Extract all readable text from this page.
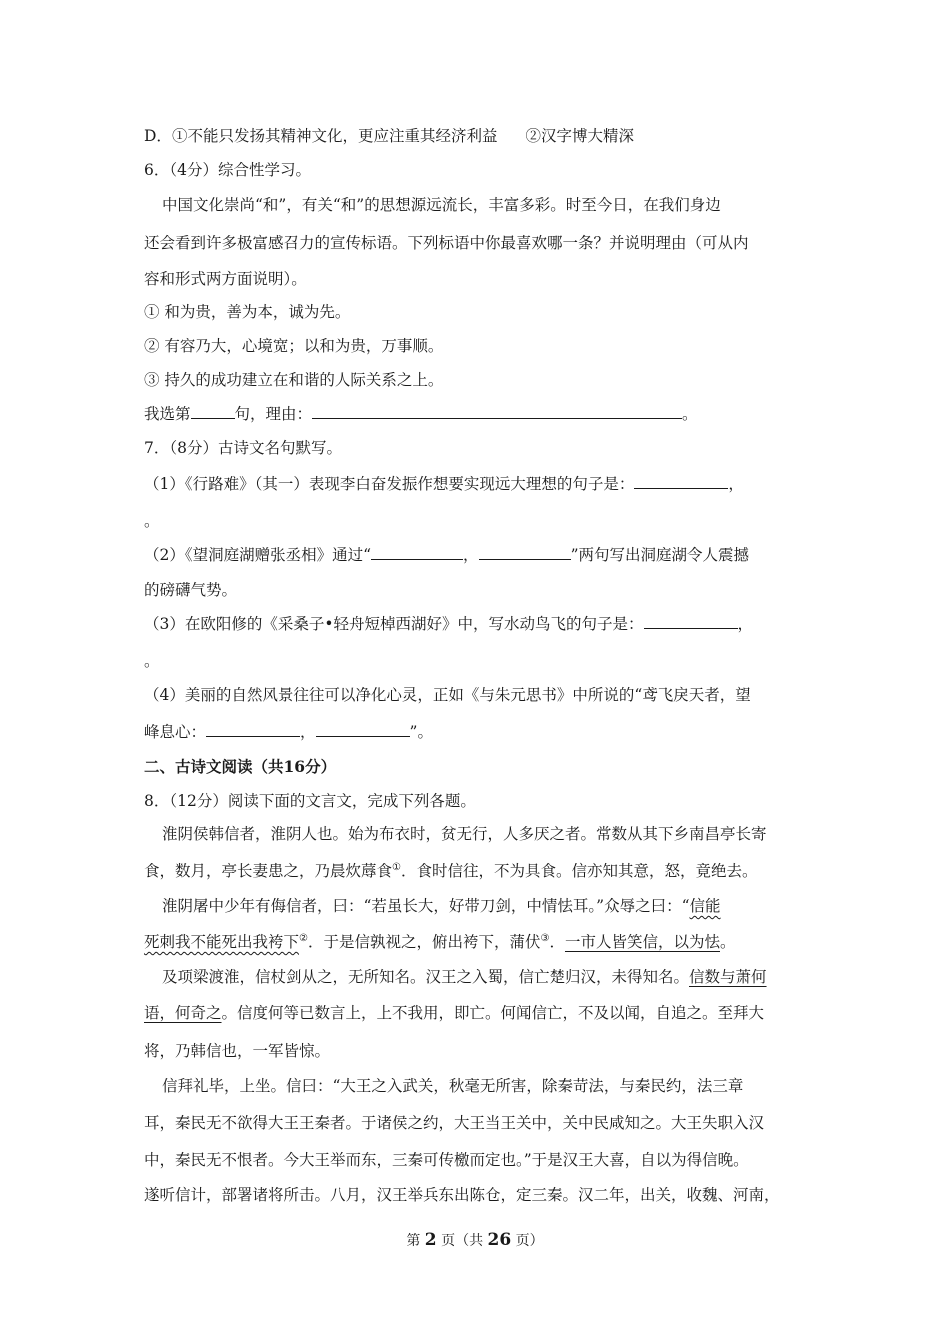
D．①不能只发扬其精神文化，更应注重其经济利益 ②汉字博大精深
6．（4分）综合性学习。
中国文化崇尚“和”，有关“和”的思想源远流长，丰富多彩。时至今日，在我们身边
还会看到许多极富感召力的宣传标语。下列标语中你最喜欢哪一条？并说明理由（可从内
容和形式两方面说明）。
① 和为贵，善为本，诚为先。
② 有容乃大，心境宽；以和为贵，万事顺。
③ 持久的成功建立在和谐的人际关系之上。
我选第	句，理由：	。
7．（8分）古诗文名句默写。
（1）《行路难》（其一）表现李白奋发振作想要实现远大理想的句子是：	，
。
（2）《望洞庭湖赠张丞相》通过“	，	”两句写出洞庭湖令人震撼
的磅礴气势。
（3）在欧阳修的《采桑子•轻舟短棹西湖好》中，写水动鸟飞的句子是：	，
。
（4）美丽的自然风景往往可以净化心灵，正如《与朱元思书》中所说的“鸢飞戾天者，望
峰息心：	，	”。
二、古诗文阅读（共16分）
8．（12分）阅读下面的文言文，完成下列各题。
淮阴侯韩信者，淮阴人也。始为布衣时，贫无行，人多厌之者。常数从其下乡南昌亭长寄
食，数月，亭长妻患之，乃晨炊蓐食①．食时信往，不为具食。信亦知其意，怒，竟绝去。
淮阴屠中少年有侮信者，曰：“若虽长大，好带刀剑，中情怯耳。”众辱之曰：“信能
死刺我不能死出我袴下②．于是信孰视之，俯出袴下，蒲伏③．一市人皆笑信，以为怯。
及项梁渡淮，信杖剑从之，无所知名。汉王之入蜀，信亡楚归汉，未得知名。信数与萧何
语，何奇之。信度何等已数言上，上不我用，即亡。何闻信亡，不及以闻，自追之。至拜大
将，乃韩信也，一军皆惊。
信拜礼毕，上坐。信曰：“大王之入武关，秋毫无所害，除秦苛法，与秦民约，法三章
耳，秦民无不欲得大王王秦者。于诸侯之约，大王当王关中，关中民咸知之。大王失职入汉
中，秦民无不恨者。今大王举而东，三秦可传檄而定也。”于是汉王大喜，自以为得信晚。
遂听信计，部署诸将所击。八月，汉王举兵东出陈仓，定三秦。汉二年，出关，收魏、河南，
第 2 页（共 26 页）
